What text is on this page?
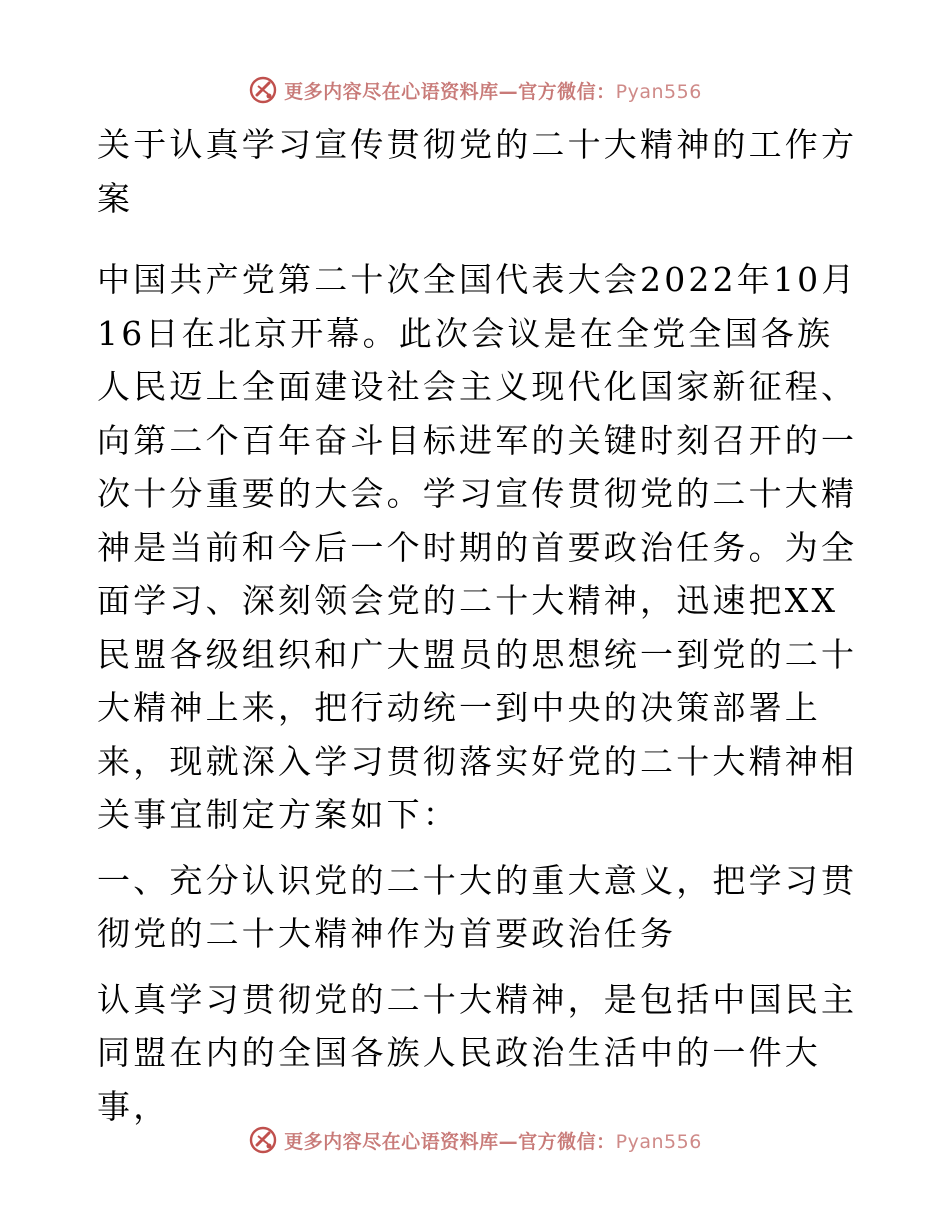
更多内容尽在心语资料库—官方微信：Pyan556

关于认真学习宣传贯彻党的二十大精神的工作方案

中国共产党第二十次全国代表大会2022年10月16日在北京开幕。此次会议是在全党全国各族人民迈上全面建设社会主义现代化国家新征程、向第二个百年奋斗目标进军的关键时刻召开的一次十分重要的大会。学习宣传贯彻党的二十大精神是当前和今后一个时期的首要政治任务。为全面学习、深刻领会党的二十大精神，迅速把XX民盟各级组织和广大盟员的思想统一到党的二十大精神上来，把行动统一到中央的决策部署上来，现就深入学习贯彻落实好党的二十大精神相关事宜制定方案如下：

一、充分认识党的二十大的重大意义，把学习贯彻党的二十大精神作为首要政治任务

认真学习贯彻党的二十大精神，是包括中国民主同盟在内的全国各族人民政治生活中的一件大事，

更多内容尽在心语资料库—官方微信：Pyan556
